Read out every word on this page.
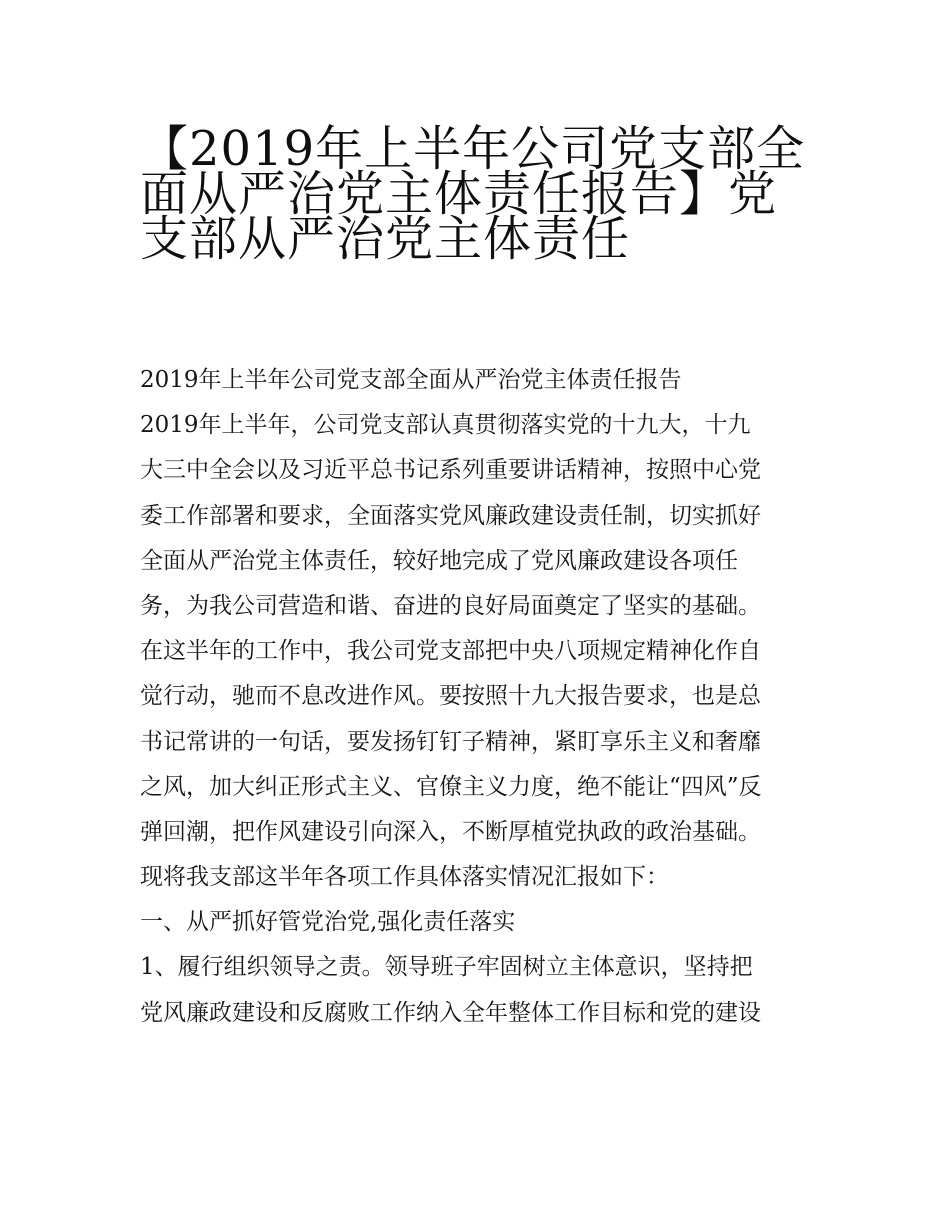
【2019年上半年公司党支部全
面从严治党主体责任报告】党
支部从严治党主体责任
2019年上半年公司党支部全面从严治党主体责任报告
2019年上半年，公司党支部认真贯彻落实党的十九大，十九
大三中全会以及习近平总书记系列重要讲话精神，按照中心党
委工作部署和要求，全面落实党风廉政建设责任制，切实抓好
全面从严治党主体责任，较好地完成了党风廉政建设各项任
务，为我公司营造和谐、奋进的良好局面奠定了坚实的基础。
在这半年的工作中，我公司党支部把中央八项规定精神化作自
觉行动，驰而不息改进作风。要按照十九大报告要求，也是总
书记常讲的一句话，要发扬钉钉子精神，紧盯享乐主义和奢靡
之风，加大纠正形式主义、官僚主义力度，绝不能让“四风”反
弹回潮，把作风建设引向深入，不断厚植党执政的政治基础。
现将我支部这半年各项工作具体落实情况汇报如下：
一、从严抓好管党治党,强化责任落实
1、履行组织领导之责。领导班子牢固树立主体意识，坚持把
党风廉政建设和反腐败工作纳入全年整体工作目标和党的建设
